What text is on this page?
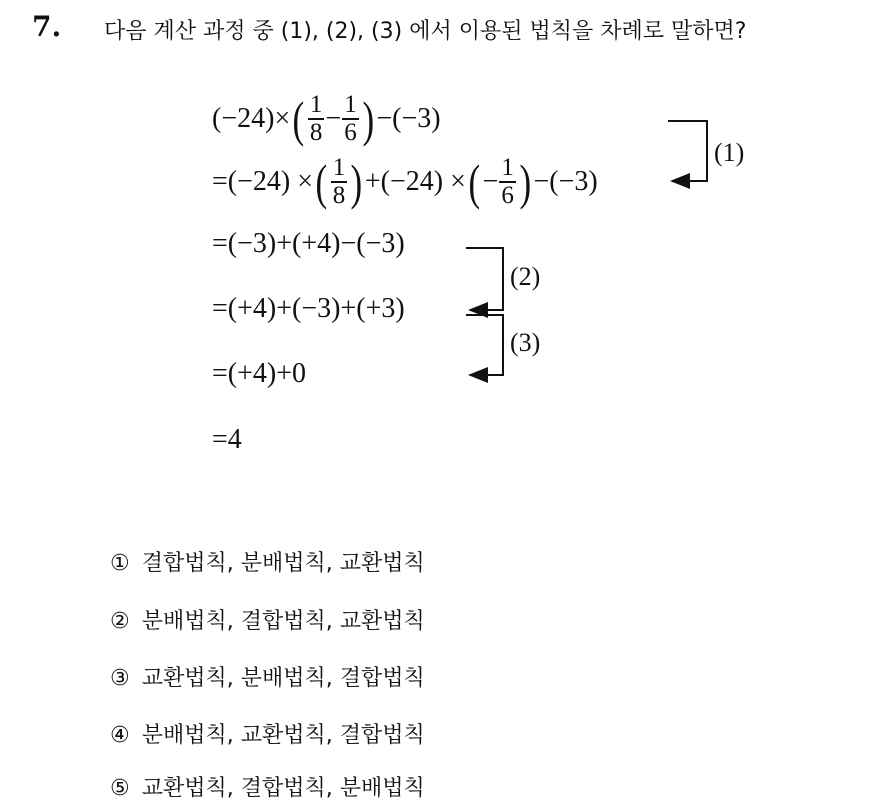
7. 다음 계산 과정 중 (1), (2), (3) 에서 이용된 법칙을 차례로 말하면?
$(-24)\times( \frac{1}{8} - \frac{1}{6} )-(-3)$
=(−24) ×( $\frac{1}{8} )+(-24)$ ×(− $\frac{1}{6} )-(-3)$
=(−3)+(+4)−(−3)
=(+4)+(−3)+(+3)
=(+4)+0
=4
(1)
(2)
(3)
① 결합법칙, 분배법칙, 교환법칙
② 분배법칙, 결합법칙, 교환법칙
③ 교환법칙, 분배법칙, 결합법칙
④ 분배법칙, 교환법칙, 결합법칙
⑤ 교환법칙, 결합법칙, 분배법칙
